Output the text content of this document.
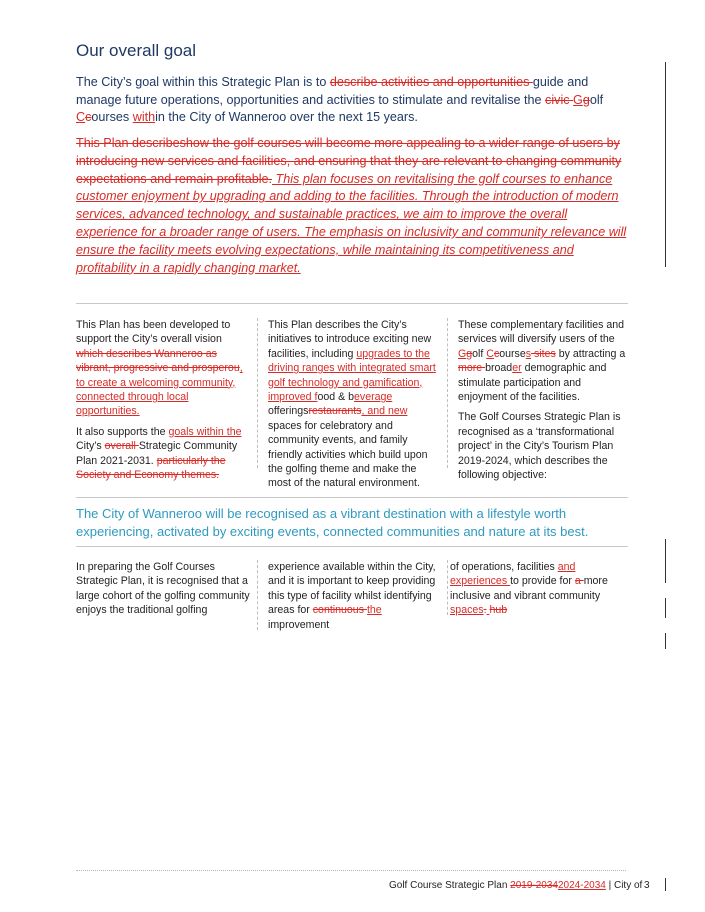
Our overall goal

The City’s goal within this Strategic Plan is to describe activities and opportunities guide and manage future operations, opportunities and activities to stimulate and revitalise the civic Ggolf Ccourses within the City of Wanneroo over the next 15 years.

This Plan describeshow the golf courses will become more appealing to a wider range of users by introducing new services and facilities, and ensuring that they are relevant to changing community expectations and remain profitable. This plan focuses on revitalising the golf courses to enhance customer enjoyment by upgrading and adding to the facilities. Through the introduction of modern services, advanced technology, and sustainable practices, we aim to improve the overall experience for a broader range of users. The emphasis on inclusivity and community relevance will ensure the facility meets evolving expectations, while maintaining its competitiveness and profitability in a rapidly changing market.

This Plan has been developed to support the City’s overall vision which describes Wanneroo as vibrant, progressive and prosperou, to create a welcoming community, connected through local opportunities.

It also supports the goals within the City’s overall Strategic Community Plan 2021-2031. particularly the Society and Economy themes.

This Plan describes the City’s initiatives to introduce exciting new facilities, including upgrades to the driving ranges with integrated smart golf technology and gamification, improved food & beverage offeringsrestaurants, and new spaces for celebratory and community events, and family friendly activities which build upon the golfing theme and make the most of the natural environment.

These complementary facilities and services will diversify users of the Ggolf Ccourses sites by attracting a more broader demographic and stimulate participation and enjoyment of the facilities.

The Golf Courses Strategic Plan is recognised as a ‘transformational project’ in the City’s Tourism Plan 2019-2024, which describes the following objective:

The City of Wanneroo will be recognised as a vibrant destination with a lifestyle worth experiencing, activated by exciting events, connected communities and nature at its best.

In preparing the Golf Courses Strategic Plan, it is recognised that a large cohort of the golfing community enjoys the traditional golfing

experience available within the City, and it is important to keep providing this type of facility whilst identifying areas for continuous the improvement

of operations, facilities and experiences to provide for a more inclusive and vibrant community spaces. hub

Golf Course Strategic Plan 2019-20342024-2034 | City of 3
